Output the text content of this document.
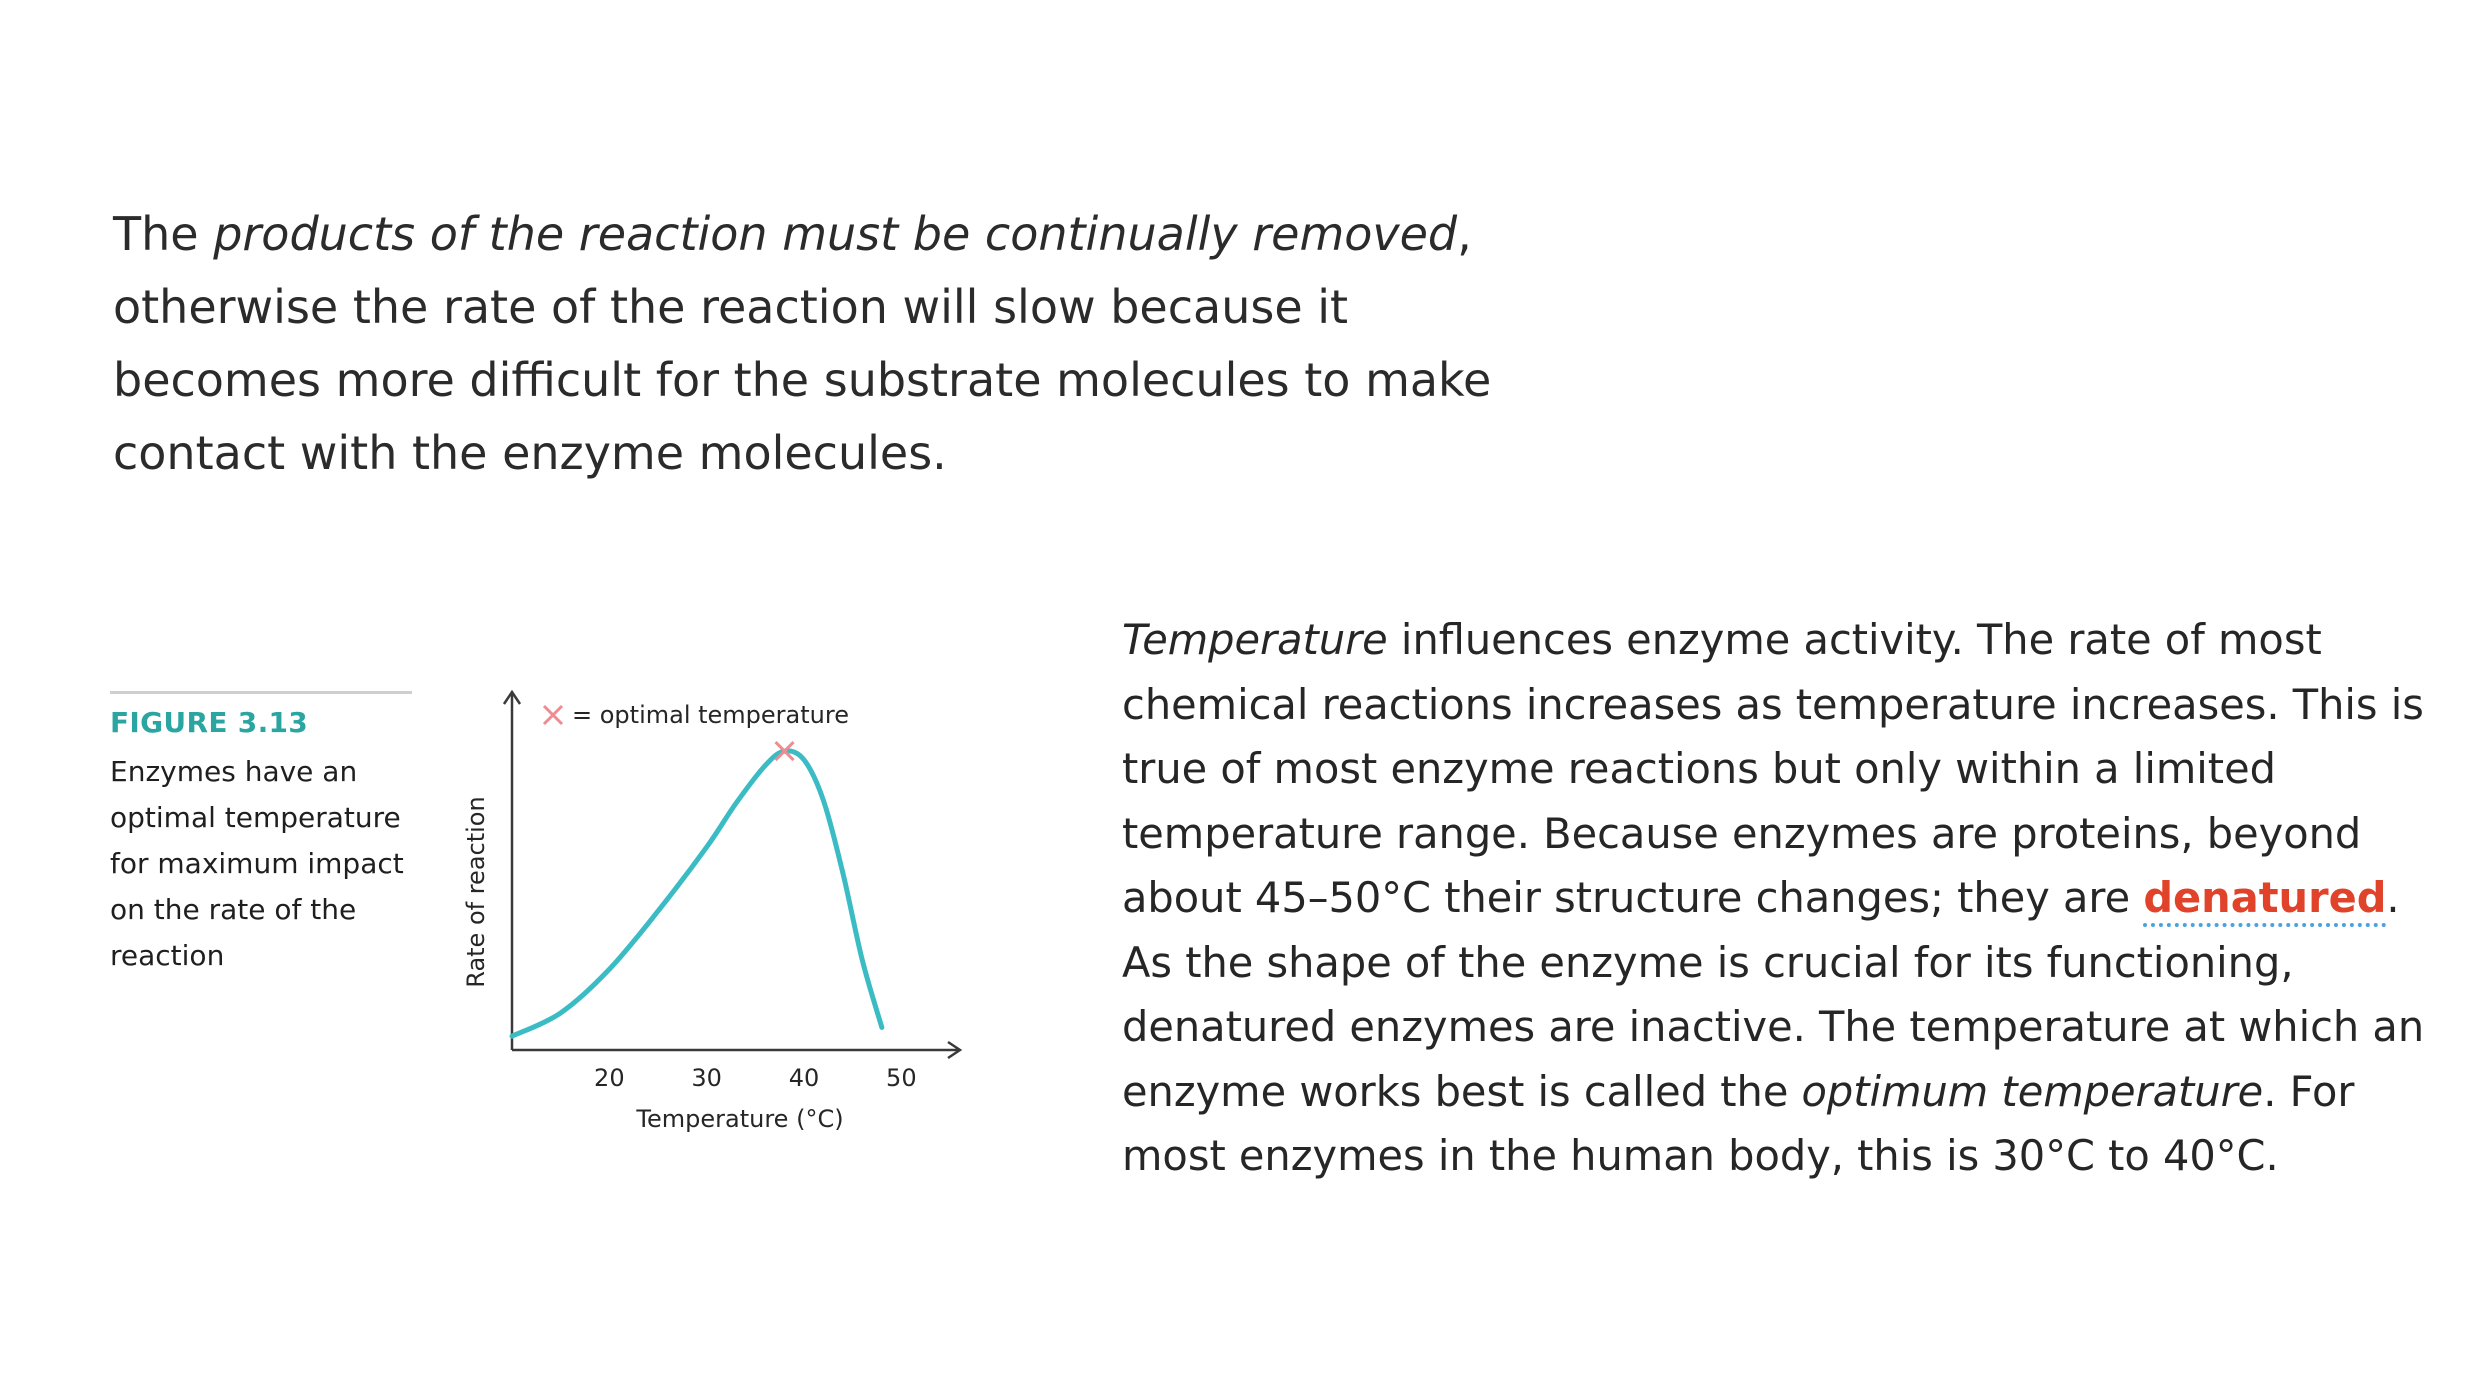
The products of the reaction must be continually removed, otherwise the rate of the reaction will slow because it becomes more difficult for the substrate molecules to make contact with the enzyme molecules.

FIGURE 3.13

Enzymes have an optimal temperature for maximum impact on the rate of the reaction

20	30	40	50
Temperature (°C)
Rate of reaction
= optimal temperature

Temperature influences enzyme activity. The rate of most chemical reactions increases as temperature increases. This is true of most enzyme reactions but only within a limited temperature range. Because enzymes are proteins, beyond about 45–50°C their structure changes; they are denatured. As the shape of the enzyme is crucial for its functioning, denatured enzymes are inactive. The temperature at which an enzyme works best is called the optimum temperature. For most enzymes in the human body, this is 30°C to 40°C.
